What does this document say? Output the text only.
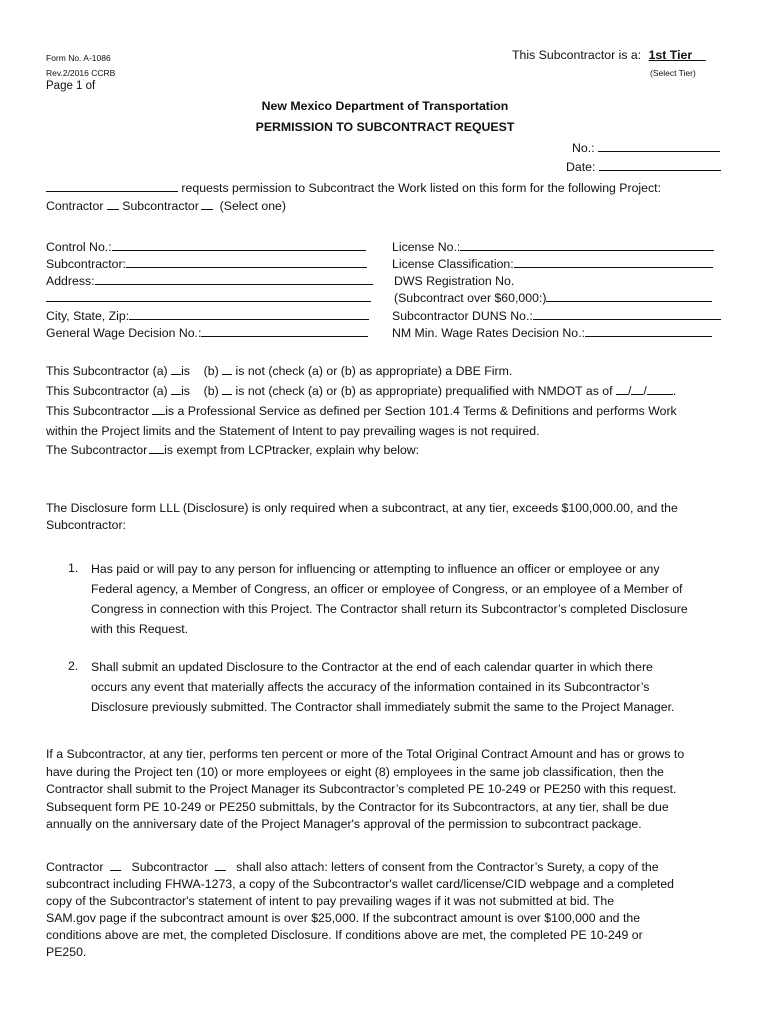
Form No. A-1086
Rev.2/2016 CCRB
Page 1 of
This Subcontractor is a: 1st Tier
(Select Tier)
New Mexico Department of Transportation
PERMISSION TO SUBCONTRACT REQUEST
No.:
Date:
requests permission to Subcontract the Work listed on this form for the following Project:
Contractor Subcontractor (Select one)
Control No.:
Subcontractor:
Address:
City, State, Zip:
General Wage Decision No.:
License No.:
License Classification:
DWS Registration No.
(Subcontract over $60,000:)
Subcontractor DUNS No.:
NM Min. Wage Rates Decision No.:
This Subcontractor (a) is (b) is not (check (a) or (b) as appropriate) a DBE Firm.
This Subcontractor (a) is (b) is not (check (a) or (b) as appropriate) prequalified with NMDOT as of / / .
This Subcontractor is a Professional Service as defined per Section 101.4 Terms & Definitions and performs Work
within the Project limits and the Statement of Intent to pay prevailing wages is not required.
The Subcontractor is exempt from LCPtracker, explain why below:
The Disclosure form LLL (Disclosure) is only required when a subcontract, at any tier, exceeds $100,000.00, and the
Subcontractor:
1. Has paid or will pay to any person for influencing or attempting to influence an officer or employee or any
Federal agency, a Member of Congress, an officer or employee of Congress, or an employee of a Member of
Congress in connection with this Project. The Contractor shall return its Subcontractor’s completed Disclosure
with this Request.
2. Shall submit an updated Disclosure to the Contractor at the end of each calendar quarter in which there
occurs any event that materially affects the accuracy of the information contained in its Subcontractor’s
Disclosure previously submitted. The Contractor shall immediately submit the same to the Project Manager.
If a Subcontractor, at any tier, performs ten percent or more of the Total Original Contract Amount and has or grows to
have during the Project ten (10) or more employees or eight (8) employees in the same job classification, then the
Contractor shall submit to the Project Manager its Subcontractor’s completed PE 10-249 or PE250 with this request.
Subsequent form PE 10-249 or PE250 submittals, by the Contractor for its Subcontractors, at any tier, shall be due
annually on the anniversary date of the Project Manager's approval of the permission to subcontract package.
Contractor Subcontractor shall also attach: letters of consent from the Contractor’s Surety, a copy of the
subcontract including FHWA-1273, a copy of the Subcontractor's wallet card/license/CID webpage and a completed
copy of the Subcontractor's statement of intent to pay prevailing wages if it was not submitted at bid. The
SAM.gov page if the subcontract amount is over $25,000. If the subcontract amount is over $100,000 and the
conditions above are met, the completed Disclosure. If conditions above are met, the completed PE 10-249 or
PE250.
